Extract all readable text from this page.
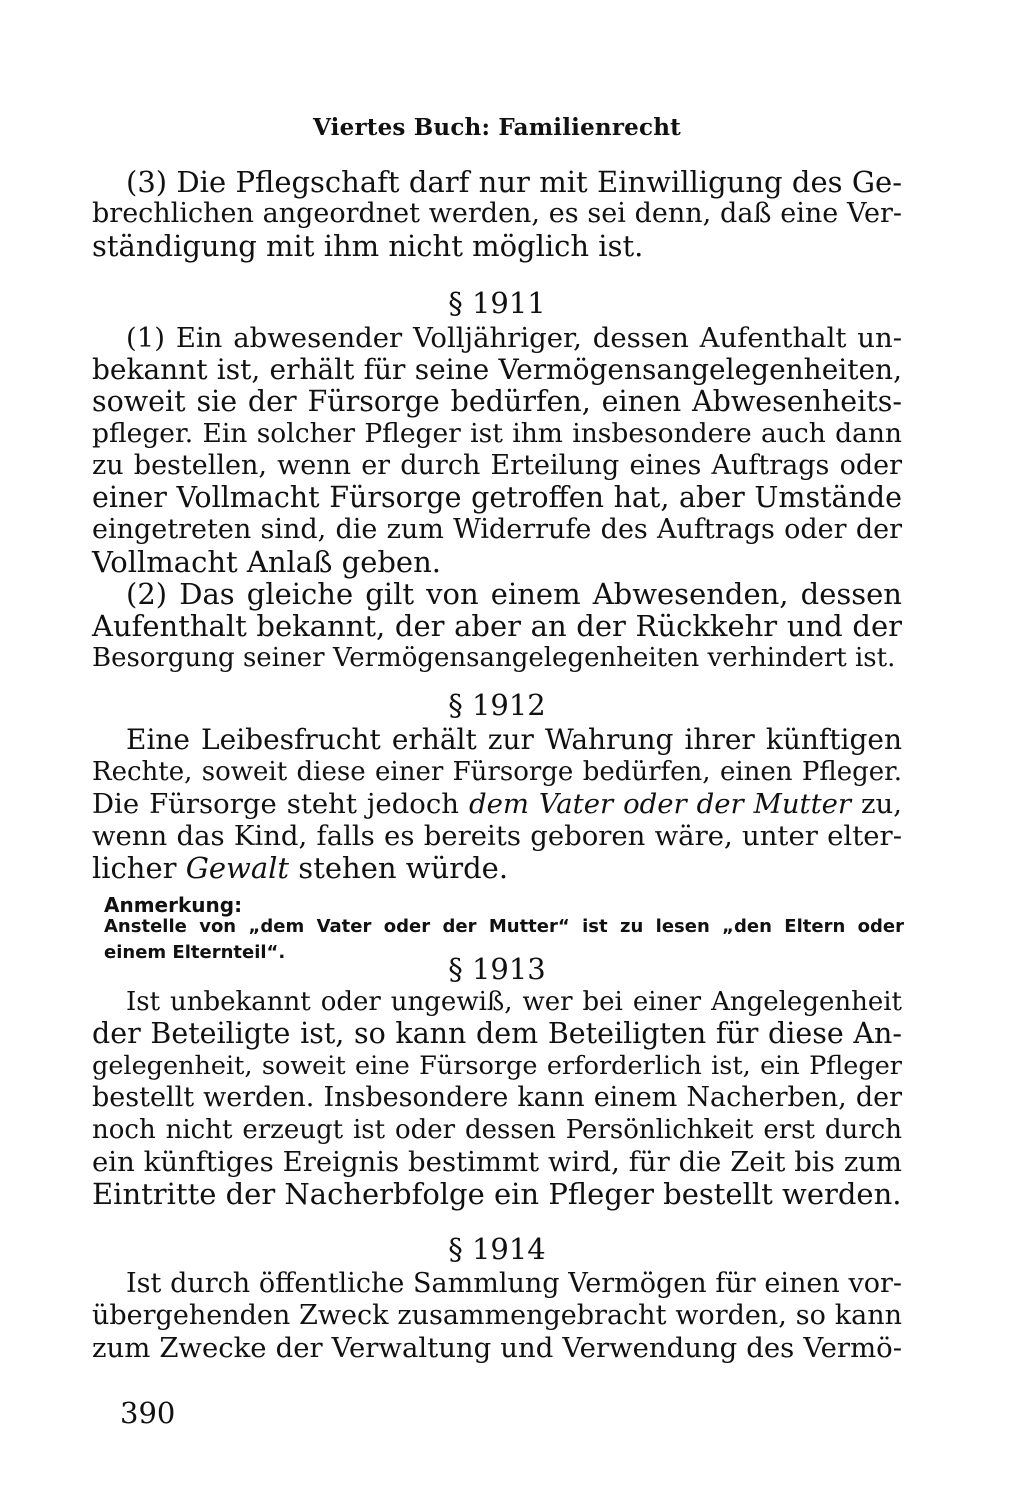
Viertes Buch: Familienrecht
(3) Die Pflegschaft darf nur mit Einwilligung des Ge-
brechlichen angeordnet werden, es sei denn, daß eine Ver-
ständigung mit ihm nicht möglich ist.
§ 1911
(1) Ein abwesender Volljähriger, dessen Aufenthalt un-
bekannt ist, erhält für seine Vermögensangelegenheiten,
soweit sie der Fürsorge bedürfen, einen Abwesenheits-
pfleger. Ein solcher Pfleger ist ihm insbesondere auch dann
zu bestellen, wenn er durch Erteilung eines Auftrags oder
einer Vollmacht Fürsorge getroffen hat, aber Umstände
eingetreten sind, die zum Widerrufe des Auftrags oder der
Vollmacht Anlaß geben.
(2) Das gleiche gilt von einem Abwesenden, dessen
Aufenthalt bekannt, der aber an der Rückkehr und der
Besorgung seiner Vermögensangelegenheiten verhindert ist.
§ 1912
Eine Leibesfrucht erhält zur Wahrung ihrer künftigen
Rechte, soweit diese einer Fürsorge bedürfen, einen Pfleger.
Die Fürsorge steht jedoch dem Vater oder der Mutter zu,
wenn das Kind, falls es bereits geboren wäre, unter elter-
licher Gewalt stehen würde.
Anmerkung:
Anstelle von „dem Vater oder der Mutter“ ist zu lesen „den Eltern oder
einem Elternteil“.	§ 1913
Ist unbekannt oder ungewiß, wer bei einer Angelegenheit
der Beteiligte ist, so kann dem Beteiligten für diese An-
gelegenheit, soweit eine Fürsorge erforderlich ist, ein Pfleger
bestellt werden. Insbesondere kann einem Nacherben, der
noch nicht erzeugt ist oder dessen Persönlichkeit erst durch
ein künftiges Ereignis bestimmt wird, für die Zeit bis zum
Eintritte der Nacherbfolge ein Pfleger bestellt werden.
§ 1914
Ist durch öffentliche Sammlung Vermögen für einen vor-
übergehenden Zweck zusammengebracht worden, so kann
zum Zwecke der Verwaltung und Verwendung des Vermö-
390
